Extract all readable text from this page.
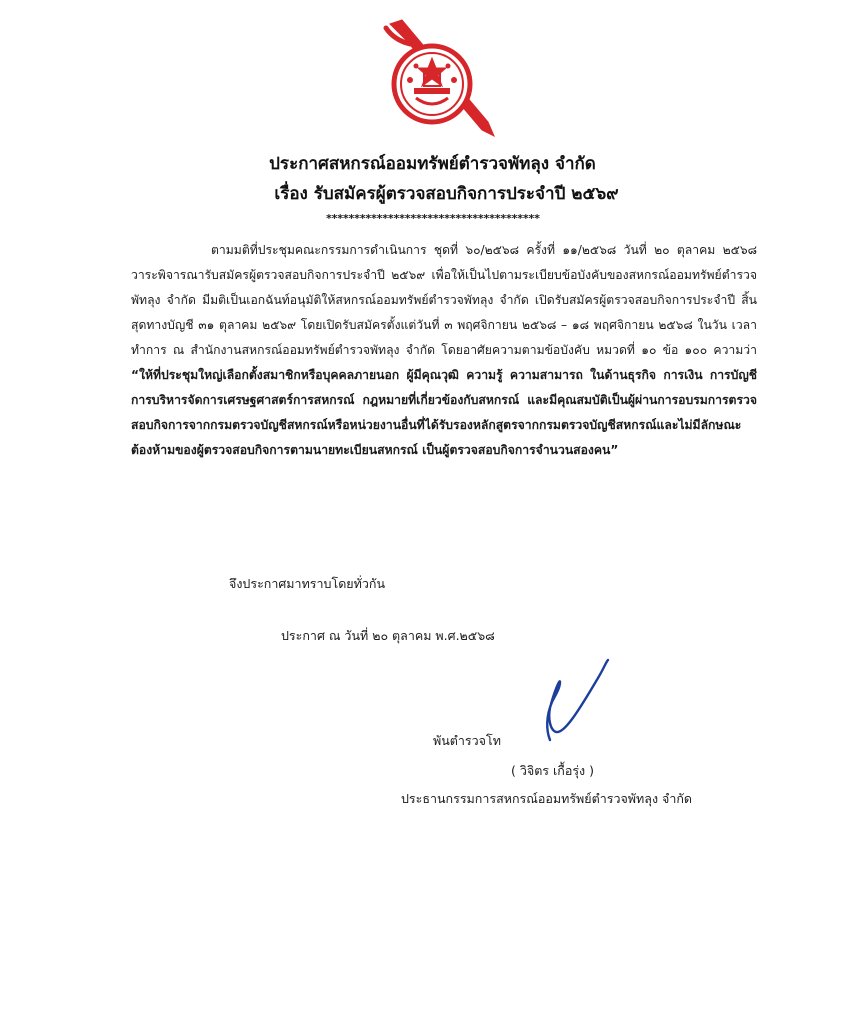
ประกาศสหกรณ์ออมทรัพย์ตำรวจพัทลุง จำกัด
เรื่อง รับสมัครผู้ตรวจสอบกิจการประจำปี ๒๕๖๙
**************************************
ตามมติที่ประชุมคณะกรรมการดำเนินการ ชุดที่ ๖๐/๒๕๖๘ ครั้งที่ ๑๑/๒๕๖๘ วันที่ ๒๐ ตุลาคม ๒๕๖๘ วาระพิจารณารับสมัครผู้ตรวจสอบกิจการประจำปี ๒๕๖๙ เพื่อให้เป็นไปตามระเบียบข้อบังคับของสหกรณ์ออมทรัพย์ตำรวจพัทลุง จำกัด มีมติเป็นเอกฉันท์อนุมัติให้สหกรณ์ออมทรัพย์ตำรวจพัทลุง จำกัด เปิดรับสมัครผู้ตรวจสอบกิจการประจำปี สิ้นสุดทางบัญชี ๓๑ ตุลาคม ๒๕๖๙ โดยเปิดรับสมัครตั้งแต่วันที่ ๓ พฤศจิกายน ๒๕๖๘ – ๑๘ พฤศจิกายน ๒๕๖๘ ในวัน เวลาทำการ ณ สำนักงานสหกรณ์ออมทรัพย์ตำรวจพัทลุง จำกัด โดยอาศัยความตามข้อบังคับ หมวดที่ ๑๐ ข้อ ๑๐๐ ความว่า “ให้ที่ประชุมใหญ่เลือกตั้งสมาชิกหรือบุคคลภายนอก ผู้มีคุณวุฒิ ความรู้ ความสามารถ ในด้านธุรกิจ การเงิน การบัญชี การบริหารจัดการเศรษฐศาสตร์การสหกรณ์ กฎหมายที่เกี่ยวข้องกับสหกรณ์ และมีคุณสมบัติเป็นผู้ผ่านการอบรมการตรวจสอบกิจการจากกรมตรวจบัญชีสหกรณ์หรือหน่วยงานอื่นที่ได้รับรองหลักสูตรจากกรมตรวจบัญชีสหกรณ์และไม่มีลักษณะต้องห้ามของผู้ตรวจสอบกิจการตามนายทะเบียนสหกรณ์ เป็นผู้ตรวจสอบกิจการจำนวนสองคน”
จึงประกาศมาทราบโดยทั่วกัน
ประกาศ ณ วันที่ ๒๐ ตุลาคม พ.ศ.๒๕๖๘
พันตำรวจโท
( วิจิตร เกื้อรุ่ง )
ประธานกรรมการสหกรณ์ออมทรัพย์ตำรวจพัทลุง จำกัด
